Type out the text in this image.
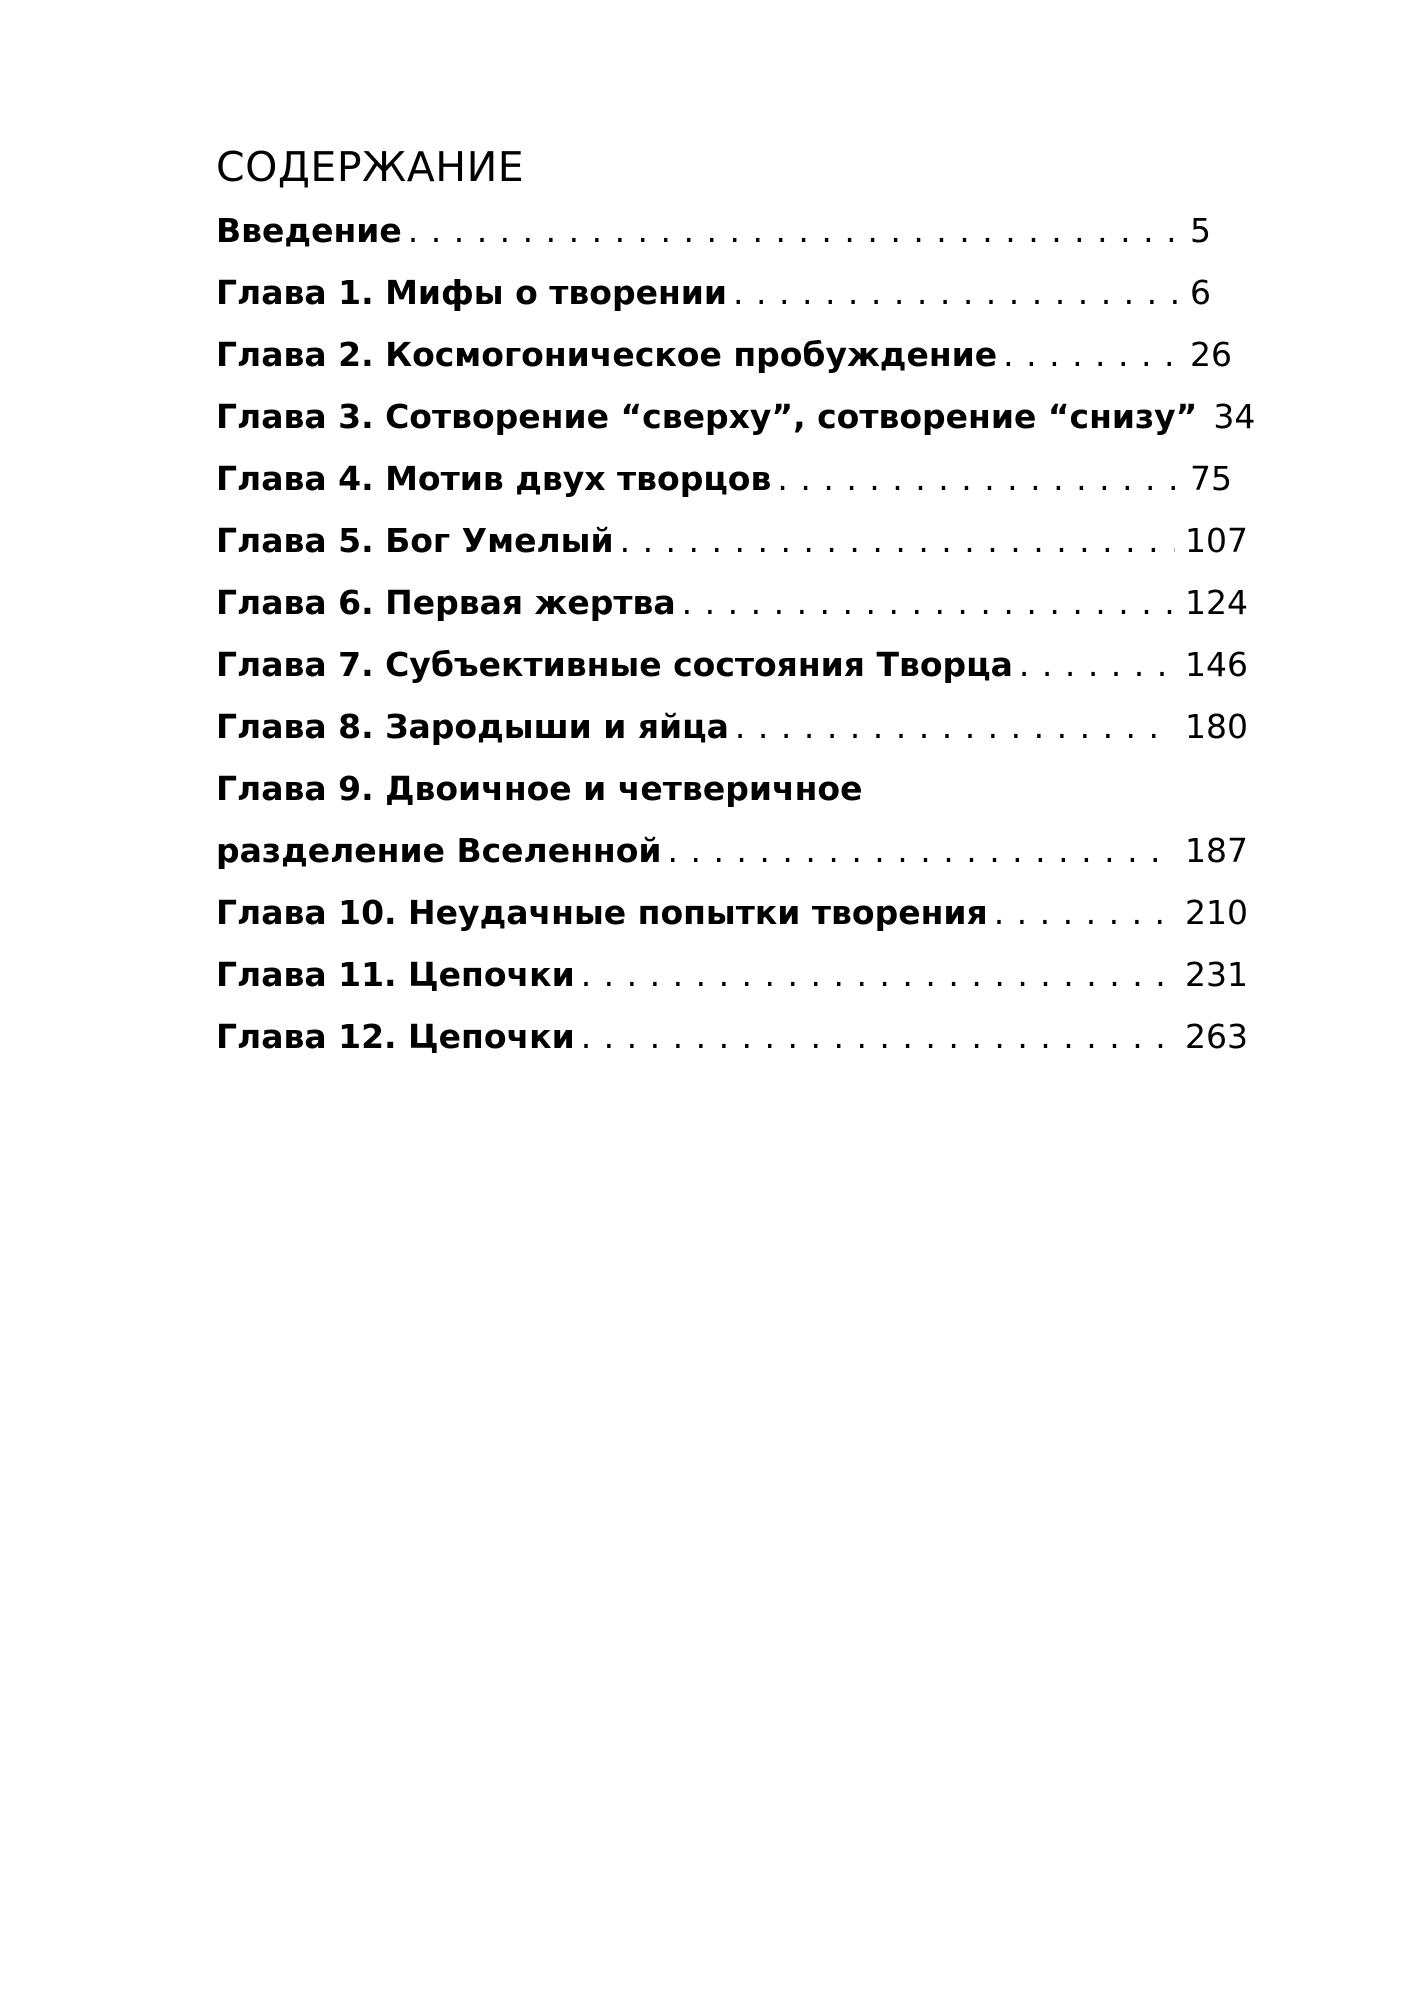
СОДЕРЖАНИЕ
Введение . . .	5
Глава 1. Мифы о творении . . .	6
Глава 2. Космогоническое пробуждение . . .	26
Глава 3. Сотворение “сверху”, сотворение “снизу” 34
Глава 4. Мотив двух творцов . . .	75
Глава 5. Бог Умелый . . .	107
Глава 6. Первая жертва . . .	124
Глава 7. Субъективные состояния Творца . . .	146
Глава 8. Зародыши и яйца . . .	180
Глава 9. Двоичное и четверичное
разделение Вселенной . . .	187
Глава 10. Неудачные попытки творения . . .	210
Глава 11. Цепочки . . .	231
Глава 12. Цепочки . . .	263
